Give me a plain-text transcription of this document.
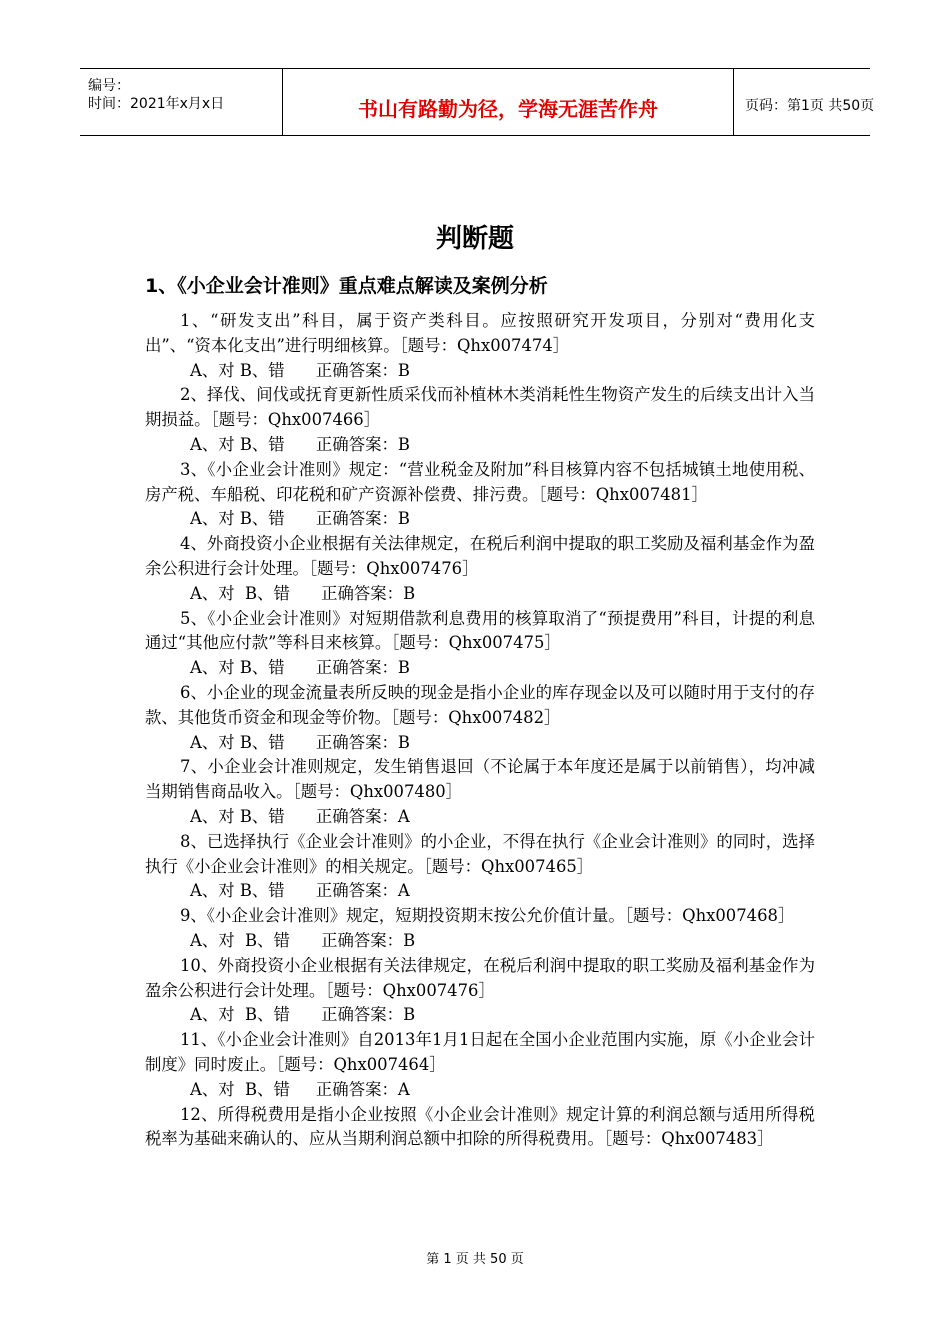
编号：
时间：2021年x月x日	书山有路勤为径，学海无涯苦作舟	页码：第1页 共50页
判断题
1、《小企业会计准则》重点难点解读及案例分析

1、“研发支出”科目，属于资产类科目。应按照研究开发项目，分别对“费用化支出”、“资本化支出”进行明细核算。［题号：Qhx007474］

A、对 B、错      正确答案：B

2、择伐、间伐或抚育更新性质采伐而补植林木类消耗性生物资产发生的后续支出计入当期损益。［题号：Qhx007466］

A、对 B、错      正确答案：B

3、《小企业会计准则》规定：“营业税金及附加”科目核算内容不包括城镇土地使用税、房产税、车船税、印花税和矿产资源补偿费、排污费。［题号：Qhx007481］

A、对 B、错      正确答案：B

4、外商投资小企业根据有关法律规定，在税后利润中提取的职工奖励及福利基金作为盈余公积进行会计处理。［题号：Qhx007476］

A、对  B、错      正确答案：B

5、《小企业会计准则》对短期借款利息费用的核算取消了“预提费用”科目，计提的利息通过“其他应付款”等科目来核算。［题号：Qhx007475］

A、对 B、错      正确答案：B

6、小企业的现金流量表所反映的现金是指小企业的库存现金以及可以随时用于支付的存款、其他货币资金和现金等价物。［题号：Qhx007482］

A、对 B、错      正确答案：B

7、小企业会计准则规定，发生销售退回（不论属于本年度还是属于以前销售），均冲减当期销售商品收入。［题号：Qhx007480］

A、对 B、错      正确答案：A

8、已选择执行《企业会计准则》的小企业，不得在执行《企业会计准则》的同时，选择执行《小企业会计准则》的相关规定。［题号：Qhx007465］

A、对 B、错      正确答案：A

9、《小企业会计准则》规定，短期投资期末按公允价值计量。［题号：Qhx007468］

A、对  B、错      正确答案：B

10、外商投资小企业根据有关法律规定，在税后利润中提取的职工奖励及福利基金作为盈余公积进行会计处理。［题号：Qhx007476］

A、对  B、错      正确答案：B

11、《小企业会计准则》自2013年1月1日起在全国小企业范围内实施，原《小企业会计制度》同时废止。［题号：Qhx007464］

A、对  B、错     正确答案：A

12、所得税费用是指小企业按照《小企业会计准则》规定计算的利润总额与适用所得税税率为基础来确认的、应从当期利润总额中扣除的所得税费用。［题号：Qhx007483］

第 1 页 共 50 页
